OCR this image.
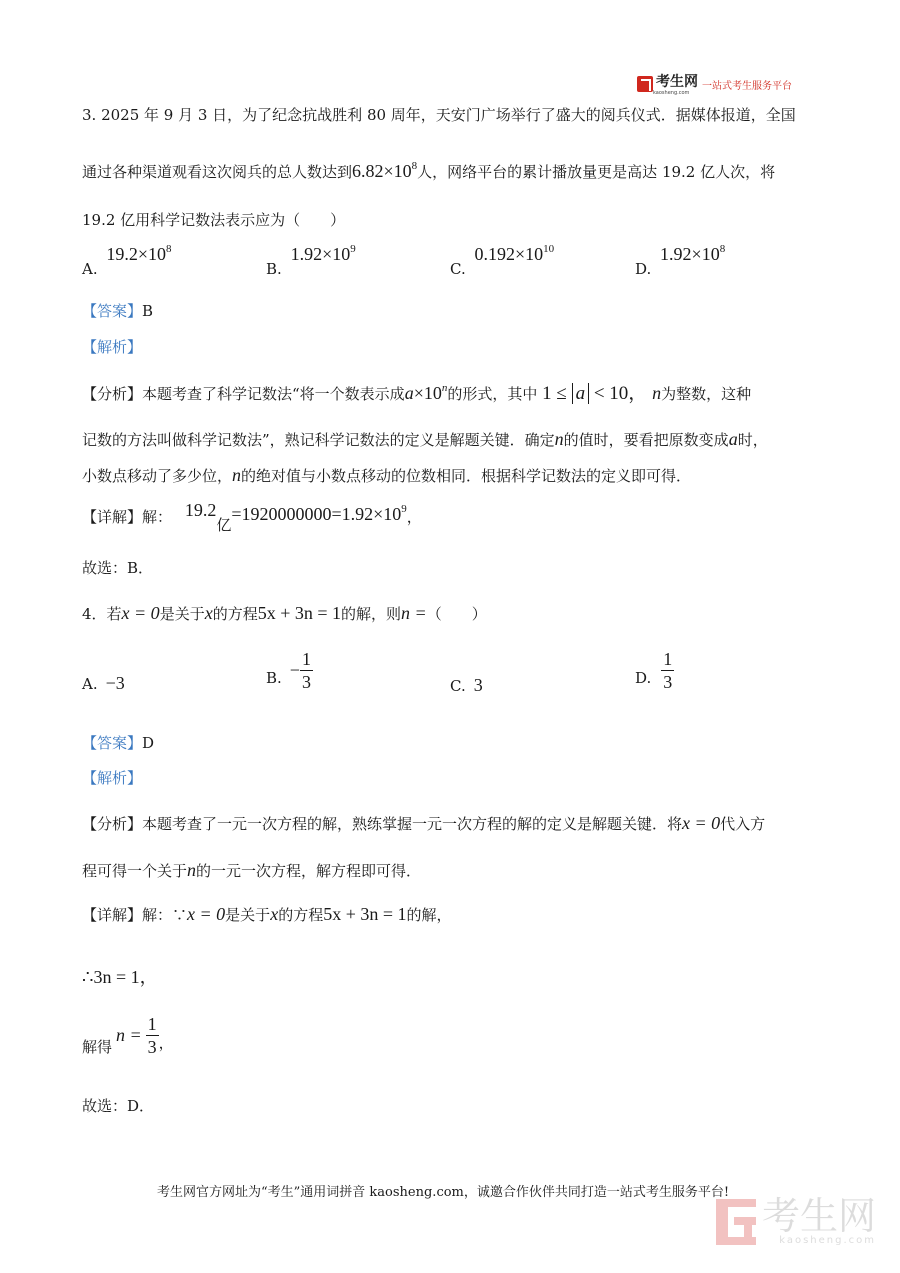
考生网
kaosheng.com
一站式考生服务平台
3. 2025 年 9 月 3 日，为了纪念抗战胜利 80 周年，天安门广场举行了盛大的阅兵仪式．据媒体报道，全国
通过各种渠道观看这次阅兵的总人数达到$6.82\times 10^8$人，网络平台的累计播放量更是高达 19.2 亿人次，将
19.2 亿用科学记数法表示应为（　　）
A. $19.2\times 10^8$
B. $1.92\times 10^9$
C. $0.192\times 10^{10}$
D. $1.92\times 10^8$
【答案】B
【解析】
【分析】本题考查了科学记数法“将一个数表示成$a\times 10^n$的形式，其中 1 ≤ a < 10， n为整数，这种
记数的方法叫做科学记数法”，熟记科学记数法的定义是解题关键．确定n的值时，要看把原数变成a时，
小数点移动了多少位，n的绝对值与小数点移动的位数相同．根据科学记数法的定义即可得．
【详解】解： 19.2亿$=1920000000=1.92\times 10^9$，
故选：B．
4．若x = 0是关于x的方程5x + 3n = 1的解，则n =（　　）
A. −3	B. − $\frac{1}{3}$	C. 3	D. $\frac{1}{3}$
【答案】D
【解析】
【分析】本题考查了一元一次方程的解，熟练掌握一元一次方程的解的定义是解题关键．将x = 0代入方
程可得一个关于n的一元一次方程，解方程即可得．
【详解】解：∵x = 0是关于x的方程5x + 3n = 1的解，
∴3n = 1，
解得
$n = \frac{1}{3}$ ，
故选：D．
考生网官方网址为“考生”通用词拼音 kaosheng.com，诚邀合作伙伴共同打造一站式考生服务平台!
考生网
kaosheng.com
